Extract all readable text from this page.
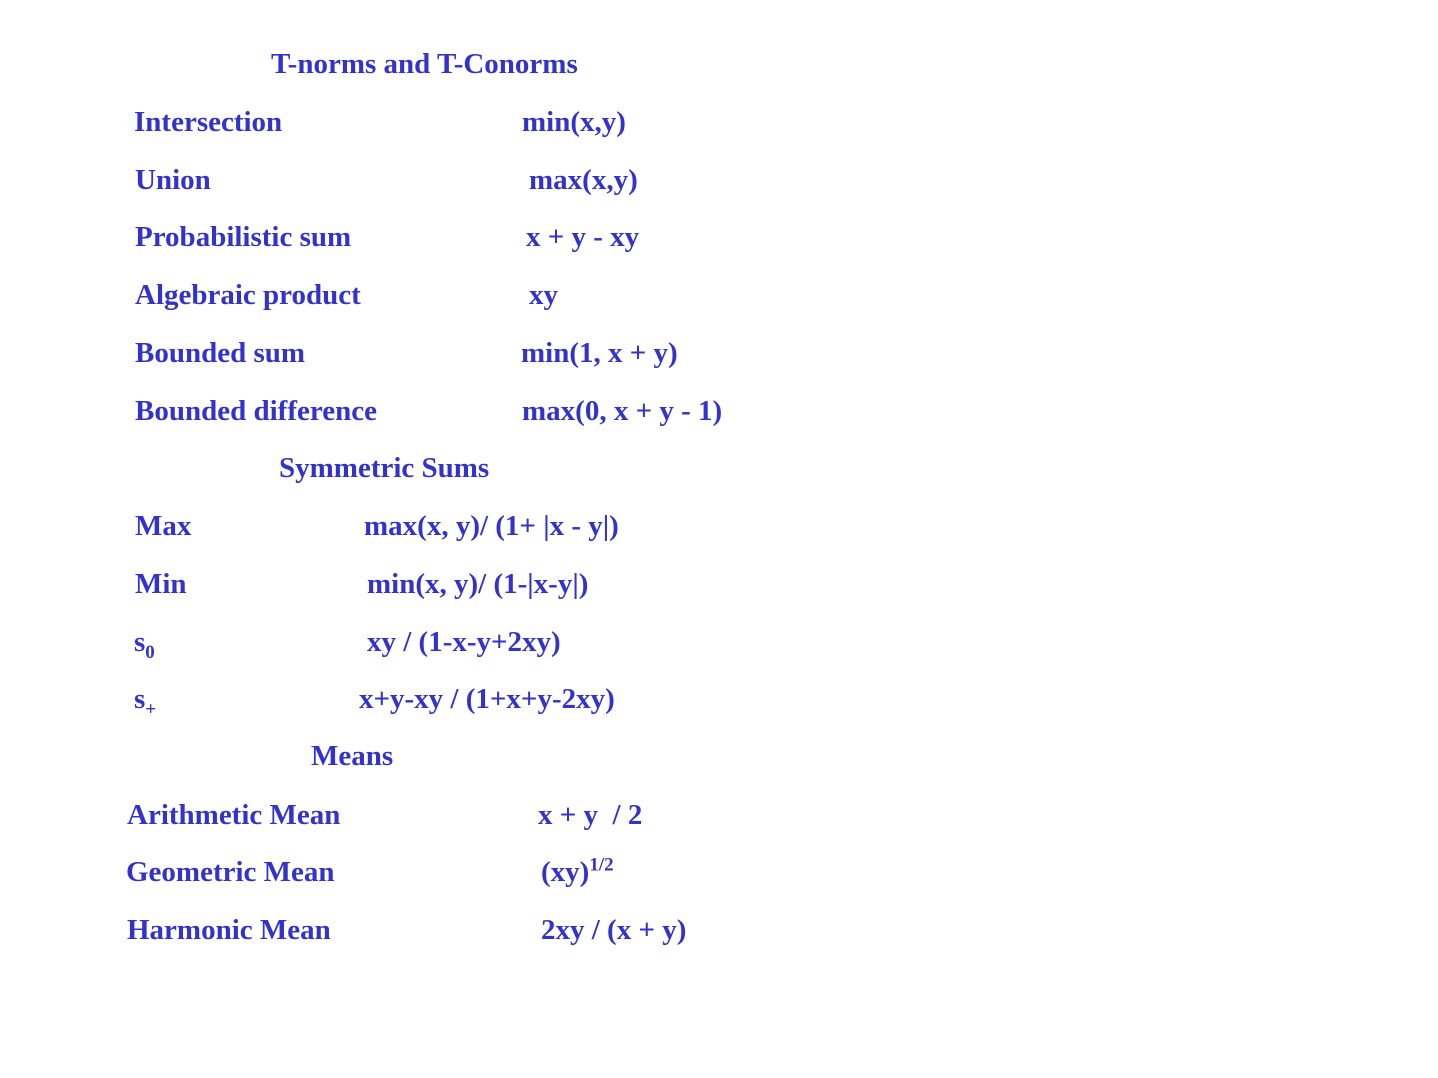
T-norms and T-Conorms
Intersection	min(x,y)
Union	max(x,y)
Probabilistic sum	x + y - xy
Algebraic product	xy
Bounded sum	min(1, x + y)
Bounded difference	max(0, x + y - 1)
Symmetric Sums
Max	max(x, y)/ (1+ |x - y|)
Min	min(x, y)/ (1-|x-y|)
$s_0$	xy / (1-x-y+2xy)
$s_+$	x+y-xy / (1+x+y-2xy)
Means
Arithmetic Mean	x + y  / 2
Geometric Mean	(xy)$^{1/2}$
Harmonic Mean	2xy / (x + y)
